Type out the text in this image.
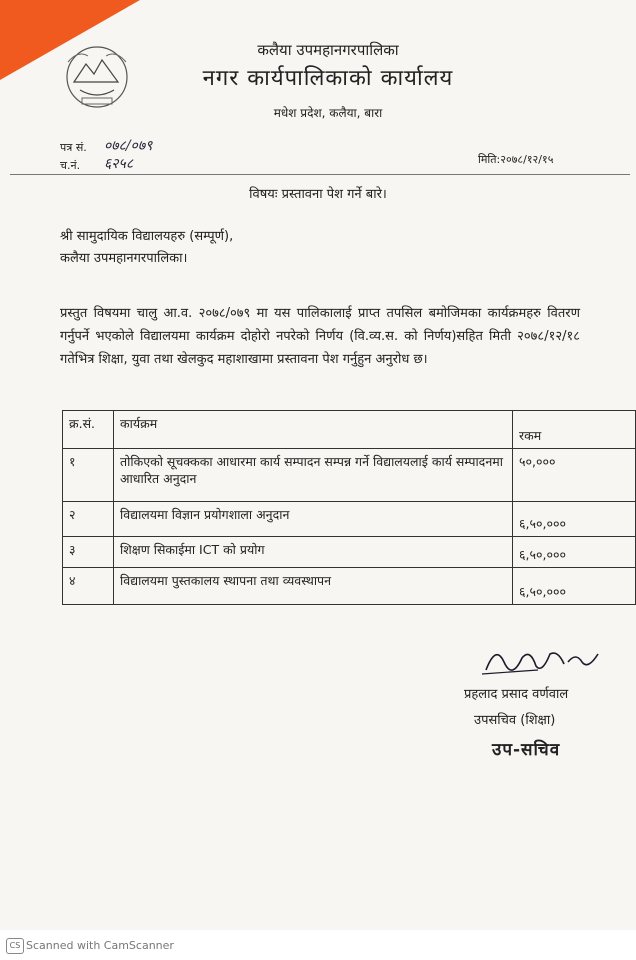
कलैया उपमहानगरपालिका
नगर कार्यपालिकाको कार्यालय
मधेश प्रदेश, कलैया, बारा
पत्र सं. ०७८/०७९
च.नं. ६२५८	मिति:२०७८/१२/१५
विषयः प्रस्तावना पेश गर्ने बारे।
श्री सामुदायिक विद्यालयहरु (सम्पूर्ण),
कलैया उपमहानगरपालिका।
प्रस्तुत विषयमा चालु आ.व. २०७८/०७९ मा यस पालिकालाई प्राप्त तपसिल बमोजिमका कार्यक्रमहरु वितरण गर्नुपर्ने भएकोले विद्यालयमा कार्यक्रम दोहोरो नपरेको निर्णय (वि.व्य.स. को निर्णय)सहित मिती २०७८/१२/१८ गतेभित्र शिक्षा, युवा तथा खेलकुद महाशाखामा प्रस्तावना पेश गर्नुहुन अनुरोध छ।
क्र.सं.	कार्यक्रम	रकम
१	तोकिएको सूचक्कका आधारमा कार्य सम्पादन सम्पन्न गर्ने विद्यालयलाई कार्य सम्पादनमा आधारित अनुदान	५०,०००
२	विद्यालयमा विज्ञान प्रयोगशाला अनुदान	६,५०,०००
३	शिक्षण सिकाईमा ICT को प्रयोग	६,५०,०००
४	विद्यालयमा पुस्तकालय स्थापना तथा व्यवस्थापन	६,५०,०००
प्रहलाद प्रसाद वर्णवाल
उपसचिव (शिक्षा)
उप-सचिव
CS Scanned with CamScanner
